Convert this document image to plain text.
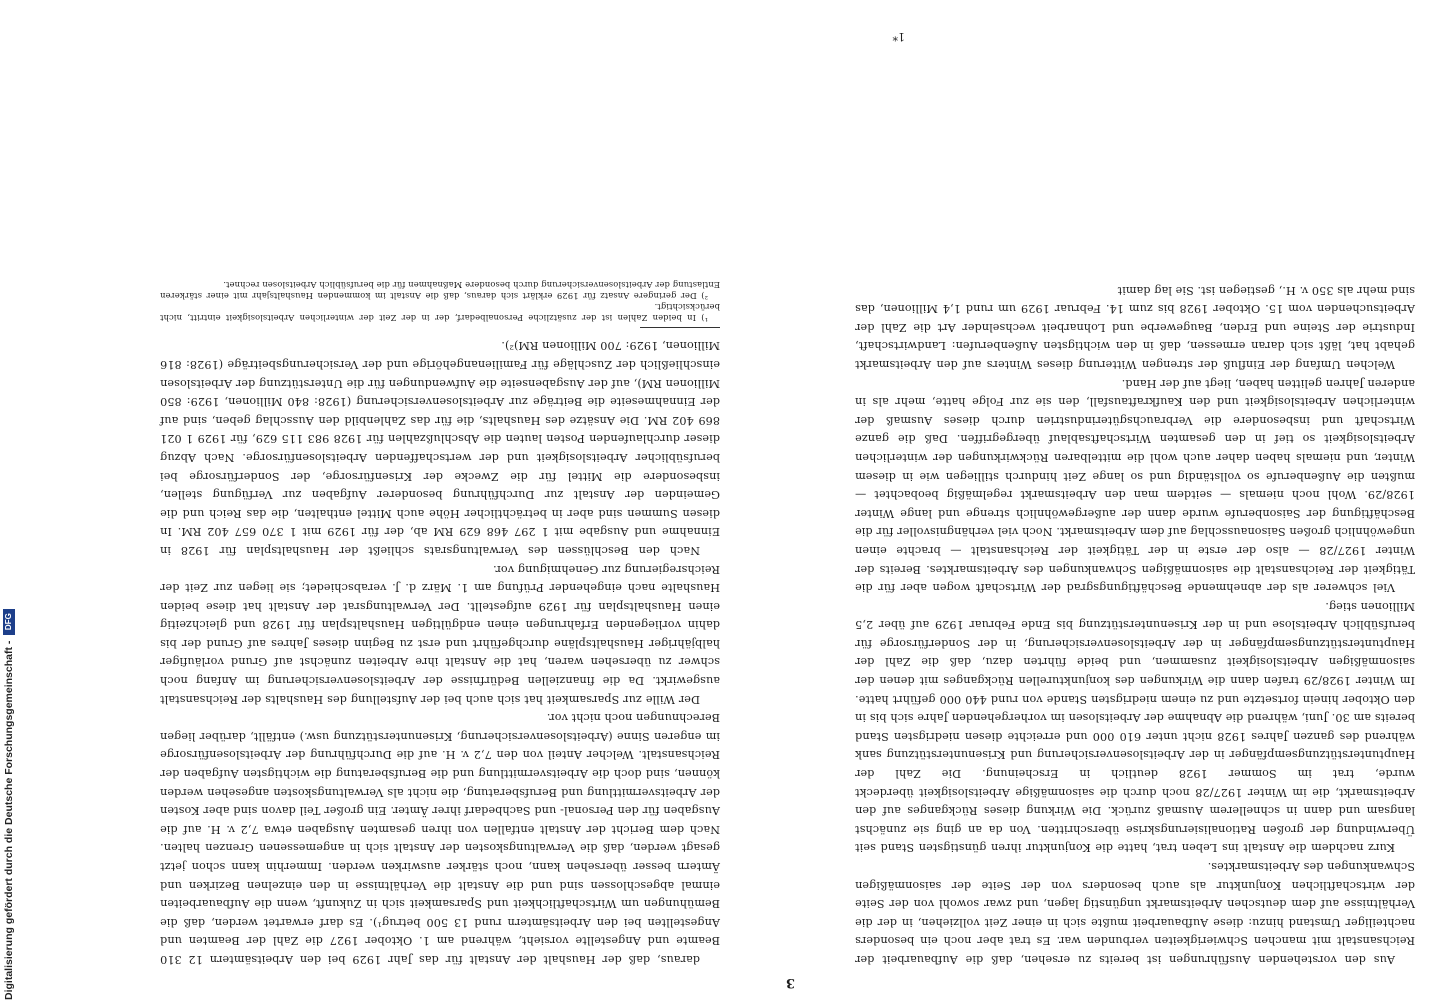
Digitalisierung gefördert durch die Deutsche Forschungsgemeinschaft -
DFG
3

Aus den vorstehenden Ausführungen ist bereits zu ersehen, daß die Aufbauarbeit der Reichsanstalt mit manchen Schwierigkeiten verbunden war. Es trat aber noch ein besonders nachteiliger Umstand hinzu: diese Aufbauarbeit mußte sich in einer Zeit vollziehen, in der die Verhältnisse auf dem deutschen Arbeitsmarkt ungünstig lagen, und zwar sowohl von der Seite der wirtschaftlichen Konjunktur als auch besonders von der Seite der saisonmäßigen Schwankungen des Arbeitsmarktes.

Kurz nachdem die Anstalt ins Leben trat, hatte die Konjunktur ihren günstigsten Stand seit Überwindung der großen Rationalisierungskrise überschritten. Von da an ging sie zunächst langsam und dann in schnellerem Ausmaß zurück. Die Wirkung dieses Rückganges auf den Arbeitsmarkt, die im Winter 1927/28 noch durch die saisonmäßige Arbeitslosigkeit überdeckt wurde, trat im Sommer 1928 deutlich in Erscheinung. Die Zahl der Hauptunterstützungsempfänger in der Arbeitslosenversicherung und Krisenunterstützung sank während des ganzen Jahres 1928 nicht unter 610 000 und erreichte diesen niedrigsten Stand bereits am 30. Juni, während die Abnahme der Arbeitslosen im vorhergehenden Jahre sich bis in den Oktober hinein fortsetzte und zu einem niedrigsten Stande von rund 440 000 geführt hatte. Im Winter 1928/29 trafen dann die Wirkungen des konjunkturellen Rückganges mit denen der saisonmäßigen Arbeitslosigkeit zusammen, und beide führten dazu, daß die Zahl der Hauptunterstützungsempfänger in der Arbeitslosenversicherung, in der Sonderfürsorge für berufsüblich Arbeitslose und in der Krisenunterstützung bis Ende Februar 1929 auf über 2,5 Millionen stieg.

Viel schwerer als der abnehmende Beschäftigungsgrad der Wirtschaft wogen aber für die Tätigkeit der Reichsanstalt die saisonmäßigen Schwankungen des Arbeitsmarktes. Bereits der Winter 1927/28 — also der erste in der Tätigkeit der Reichsanstalt — brachte einen ungewöhnlich großen Saisonausschlag auf dem Arbeitsmarkt. Noch viel verhängnisvoller für die Beschäftigung der Saisonberufe wurde dann der außergewöhnlich strenge und lange Winter 1928/29. Wohl noch niemals — seitdem man den Arbeitsmarkt regelmäßig beobachtet — mußten die Außenberufe so vollständig und so lange Zeit hindurch stilliegen wie in diesem Winter, und niemals haben daher auch wohl die mittelbaren Rückwirkungen der winterlichen Arbeitslosigkeit so tief in den gesamten Wirtschaftsablauf übergegriffen. Daß die ganze Wirtschaft und insbesondere die Verbrauchsgüterindustrien durch dieses Ausmaß der winterlichen Arbeitslosigkeit und den Kaufkraftausfall, den sie zur Folge hatte, mehr als in anderen Jahren gelitten haben, liegt auf der Hand.

Welchen Umfang der Einfluß der strengen Witterung dieses Winters auf den Arbeitsmarkt gehabt hat, läßt sich daran ermessen, daß in den wichtigsten Außenberufen: Landwirtschaft, Industrie der Steine und Erden, Baugewerbe und Lohnarbeit wechselnder Art die Zahl der Arbeitsuchenden vom 15. Oktober 1928 bis zum 14. Februar 1929 um rund 1,4 Millionen, das sind mehr als 350 v. H., gestiegen ist. Sie lag damit

daraus, daß der Haushalt der Anstalt für das Jahr 1929 bei den Arbeitsämtern 12 310 Beamte und Angestellte vorsieht, während am 1. Oktober 1927 die Zahl der Beamten und Angestellten bei den Arbeitsämtern rund 13 500 betrug¹). Es darf erwartet werden, daß die Bemühungen um Wirtschaftlichkeit und Sparsamkeit sich in Zukunft, wenn die Aufbauarbeiten einmal abgeschlossen sind und die Anstalt die Verhältnisse in den einzelnen Bezirken und Ämtern besser übersehen kann, noch stärker auswirken werden. Immerhin kann schon jetzt gesagt werden, daß die Verwaltungskosten der Anstalt sich in angemessenen Grenzen halten. Nach dem Bericht der Anstalt entfallen von ihren gesamten Ausgaben etwa 7,2 v. H. auf die Ausgaben für den Personal- und Sachbedarf ihrer Ämter. Ein großer Teil davon sind aber Kosten der Arbeitsvermittlung und Berufsberatung, die nicht als Verwaltungskosten angesehen werden können, sind doch die Arbeitsvermittlung und die Berufsberatung die wichtigsten Aufgaben der Reichsanstalt. Welcher Anteil von den 7,2 v. H. auf die Durchführung der Arbeitslosenfürsorge im engeren Sinne (Arbeitslosenversicherung, Krisenunterstützung usw.) entfällt, darüber liegen Berechnungen noch nicht vor.

Der Wille zur Sparsamkeit hat sich auch bei der Aufstellung des Haushalts der Reichsanstalt ausgewirkt. Da die finanziellen Bedürfnisse der Arbeitslosenversicherung im Anfang noch schwer zu übersehen waren, hat die Anstalt ihre Arbeiten zunächst auf Grund vorläufiger halbjähriger Haushaltspläne durchgeführt und erst zu Beginn dieses Jahres auf Grund der bis dahin vorliegenden Erfahrungen einen endgültigen Haushaltsplan für 1928 und gleichzeitig einen Haushaltsplan für 1929 aufgestellt. Der Verwaltungsrat der Anstalt hat diese beiden Haushalte nach eingehender Prüfung am 1. März d. J. verabschiedet; sie liegen zur Zeit der Reichsregierung zur Genehmigung vor.

Nach den Beschlüssen des Verwaltungsrats schließt der Haushaltsplan für 1928 in Einnahme und Ausgabe mit 1 297 468 629 RM ab, der für 1929 mit 1 370 657 402 RM. In diesen Summen sind aber in beträchtlicher Höhe auch Mittel enthalten, die das Reich und die Gemeinden der Anstalt zur Durchführung besonderer Aufgaben zur Verfügung stellen, insbesondere die Mittel für die Zwecke der Krisenfürsorge, der Sonderfürsorge bei berufsüblicher Arbeitslosigkeit und der wertschaffenden Arbeitslosenfürsorge. Nach Abzug dieser durchlaufenden Posten lauten die Abschlußzahlen für 1928 983 115 629, für 1929 1 021 869 402 RM. Die Ansätze des Haushalts, die für das Zahlenbild den Ausschlag geben, sind auf der Einnahmeseite die Beiträge zur Arbeitslosenversicherung (1928: 840 Millionen, 1929: 850 Millionen RM), auf der Ausgabenseite die Aufwendungen für die Unterstützung der Arbeitslosen einschließlich der Zuschläge für Familienangehörige und der Versicherungsbeiträge (1928: 816 Millionen, 1929: 700 Millionen RM)²).

¹) In beiden Zahlen ist der zusätzliche Personalbedarf, der in der Zeit der winterlichen Arbeitslosigkeit eintritt, nicht berücksichtigt.

²) Der geringere Ansatz für 1929 erklärt sich daraus, daß die Anstalt im kommenden Haushaltsjahr mit einer stärkeren Entlastung der Arbeitslosenversicherung durch besondere Maßnahmen für die berufsüblich Arbeitslosen rechnet.

1*
